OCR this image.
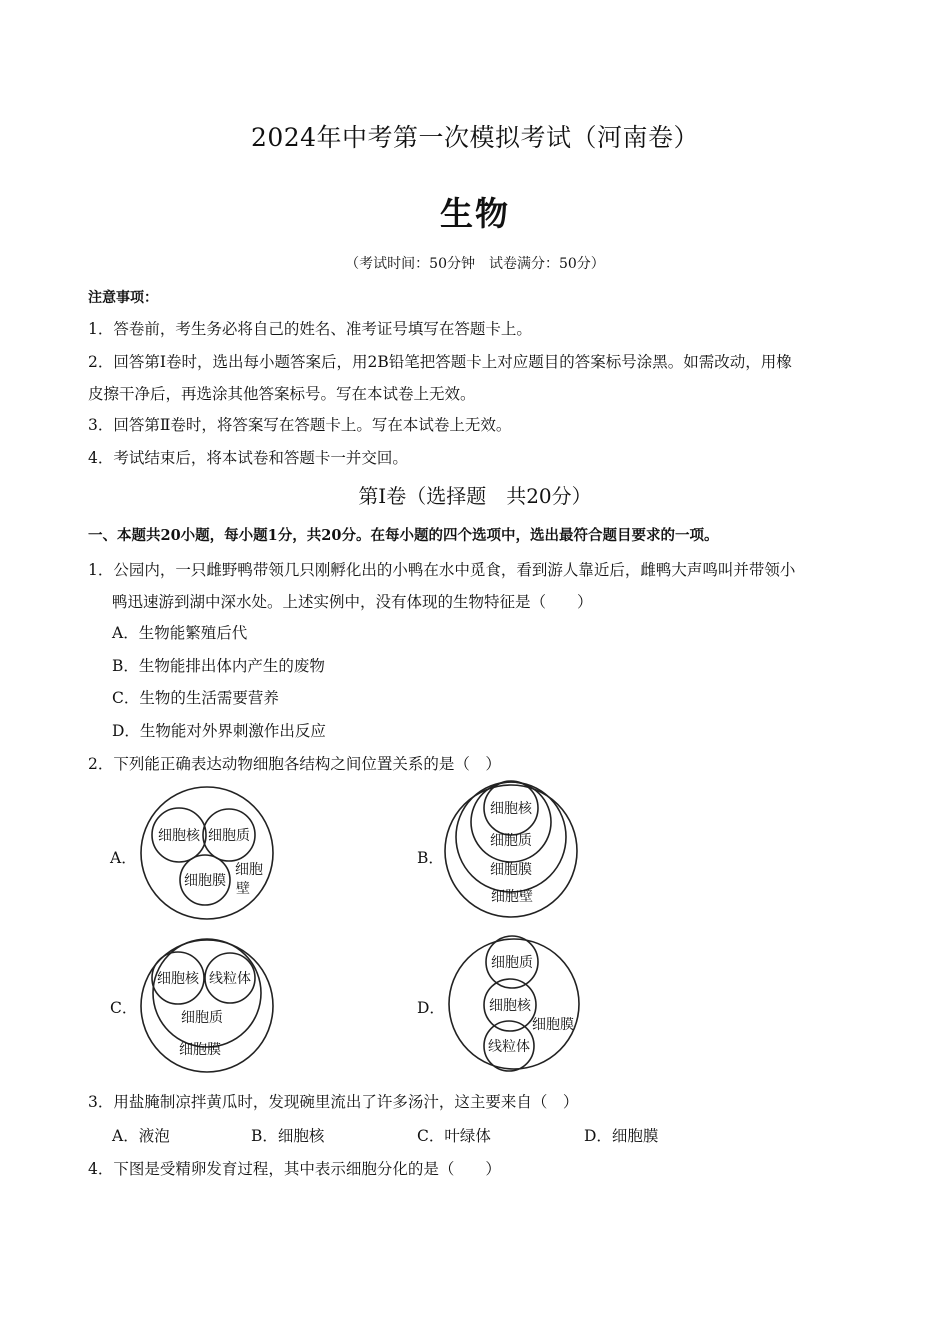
2024年中考第一次模拟考试（河南卷）
生物
（考试时间：50分钟　试卷满分：50分）
注意事项：
1．答卷前，考生务必将自己的姓名、准考证号填写在答题卡上。
2．回答第Ⅰ卷时，选出每小题答案后，用2B铅笔把答题卡上对应题目的答案标号涂黑。如需改动，用橡
皮擦干净后，再选涂其他答案标号。写在本试卷上无效。
3．回答第Ⅱ卷时，将答案写在答题卡上。写在本试卷上无效。
4．考试结束后，将本试卷和答题卡一并交回。
第Ⅰ卷（选择题　共20分）
一、本题共20小题，每小题1分，共20分。在每小题的四个选项中，选出最符合题目要求的一项。
1．公园内，一只雌野鸭带领几只刚孵化出的小鸭在水中觅食，看到游人靠近后，雌鸭大声鸣叫并带领小
鸭迅速游到湖中深水处。上述实例中，没有体现的生物特征是（　　）
A．生物能繁殖后代
B．生物能排出体内产生的废物
C．生物的生活需要营养
D．生物能对外界刺激作出反应
2．下列能正确表达动物细胞各结构之间位置关系的是（　）
A．	B．
C．	D．
细胞核 细胞质
细胞膜
细胞
壁
细胞核
细胞质
细胞膜
细胞壁
细胞核 线粒体
细胞质
细胞膜
细胞质
细胞核
细胞膜
线粒体
3．用盐腌制凉拌黄瓜时，发现碗里流出了许多汤汁，这主要来自（　）
A．液泡	B．细胞核	C．叶绿体	D．细胞膜
4．下图是受精卵发育过程，其中表示细胞分化的是（　　）
